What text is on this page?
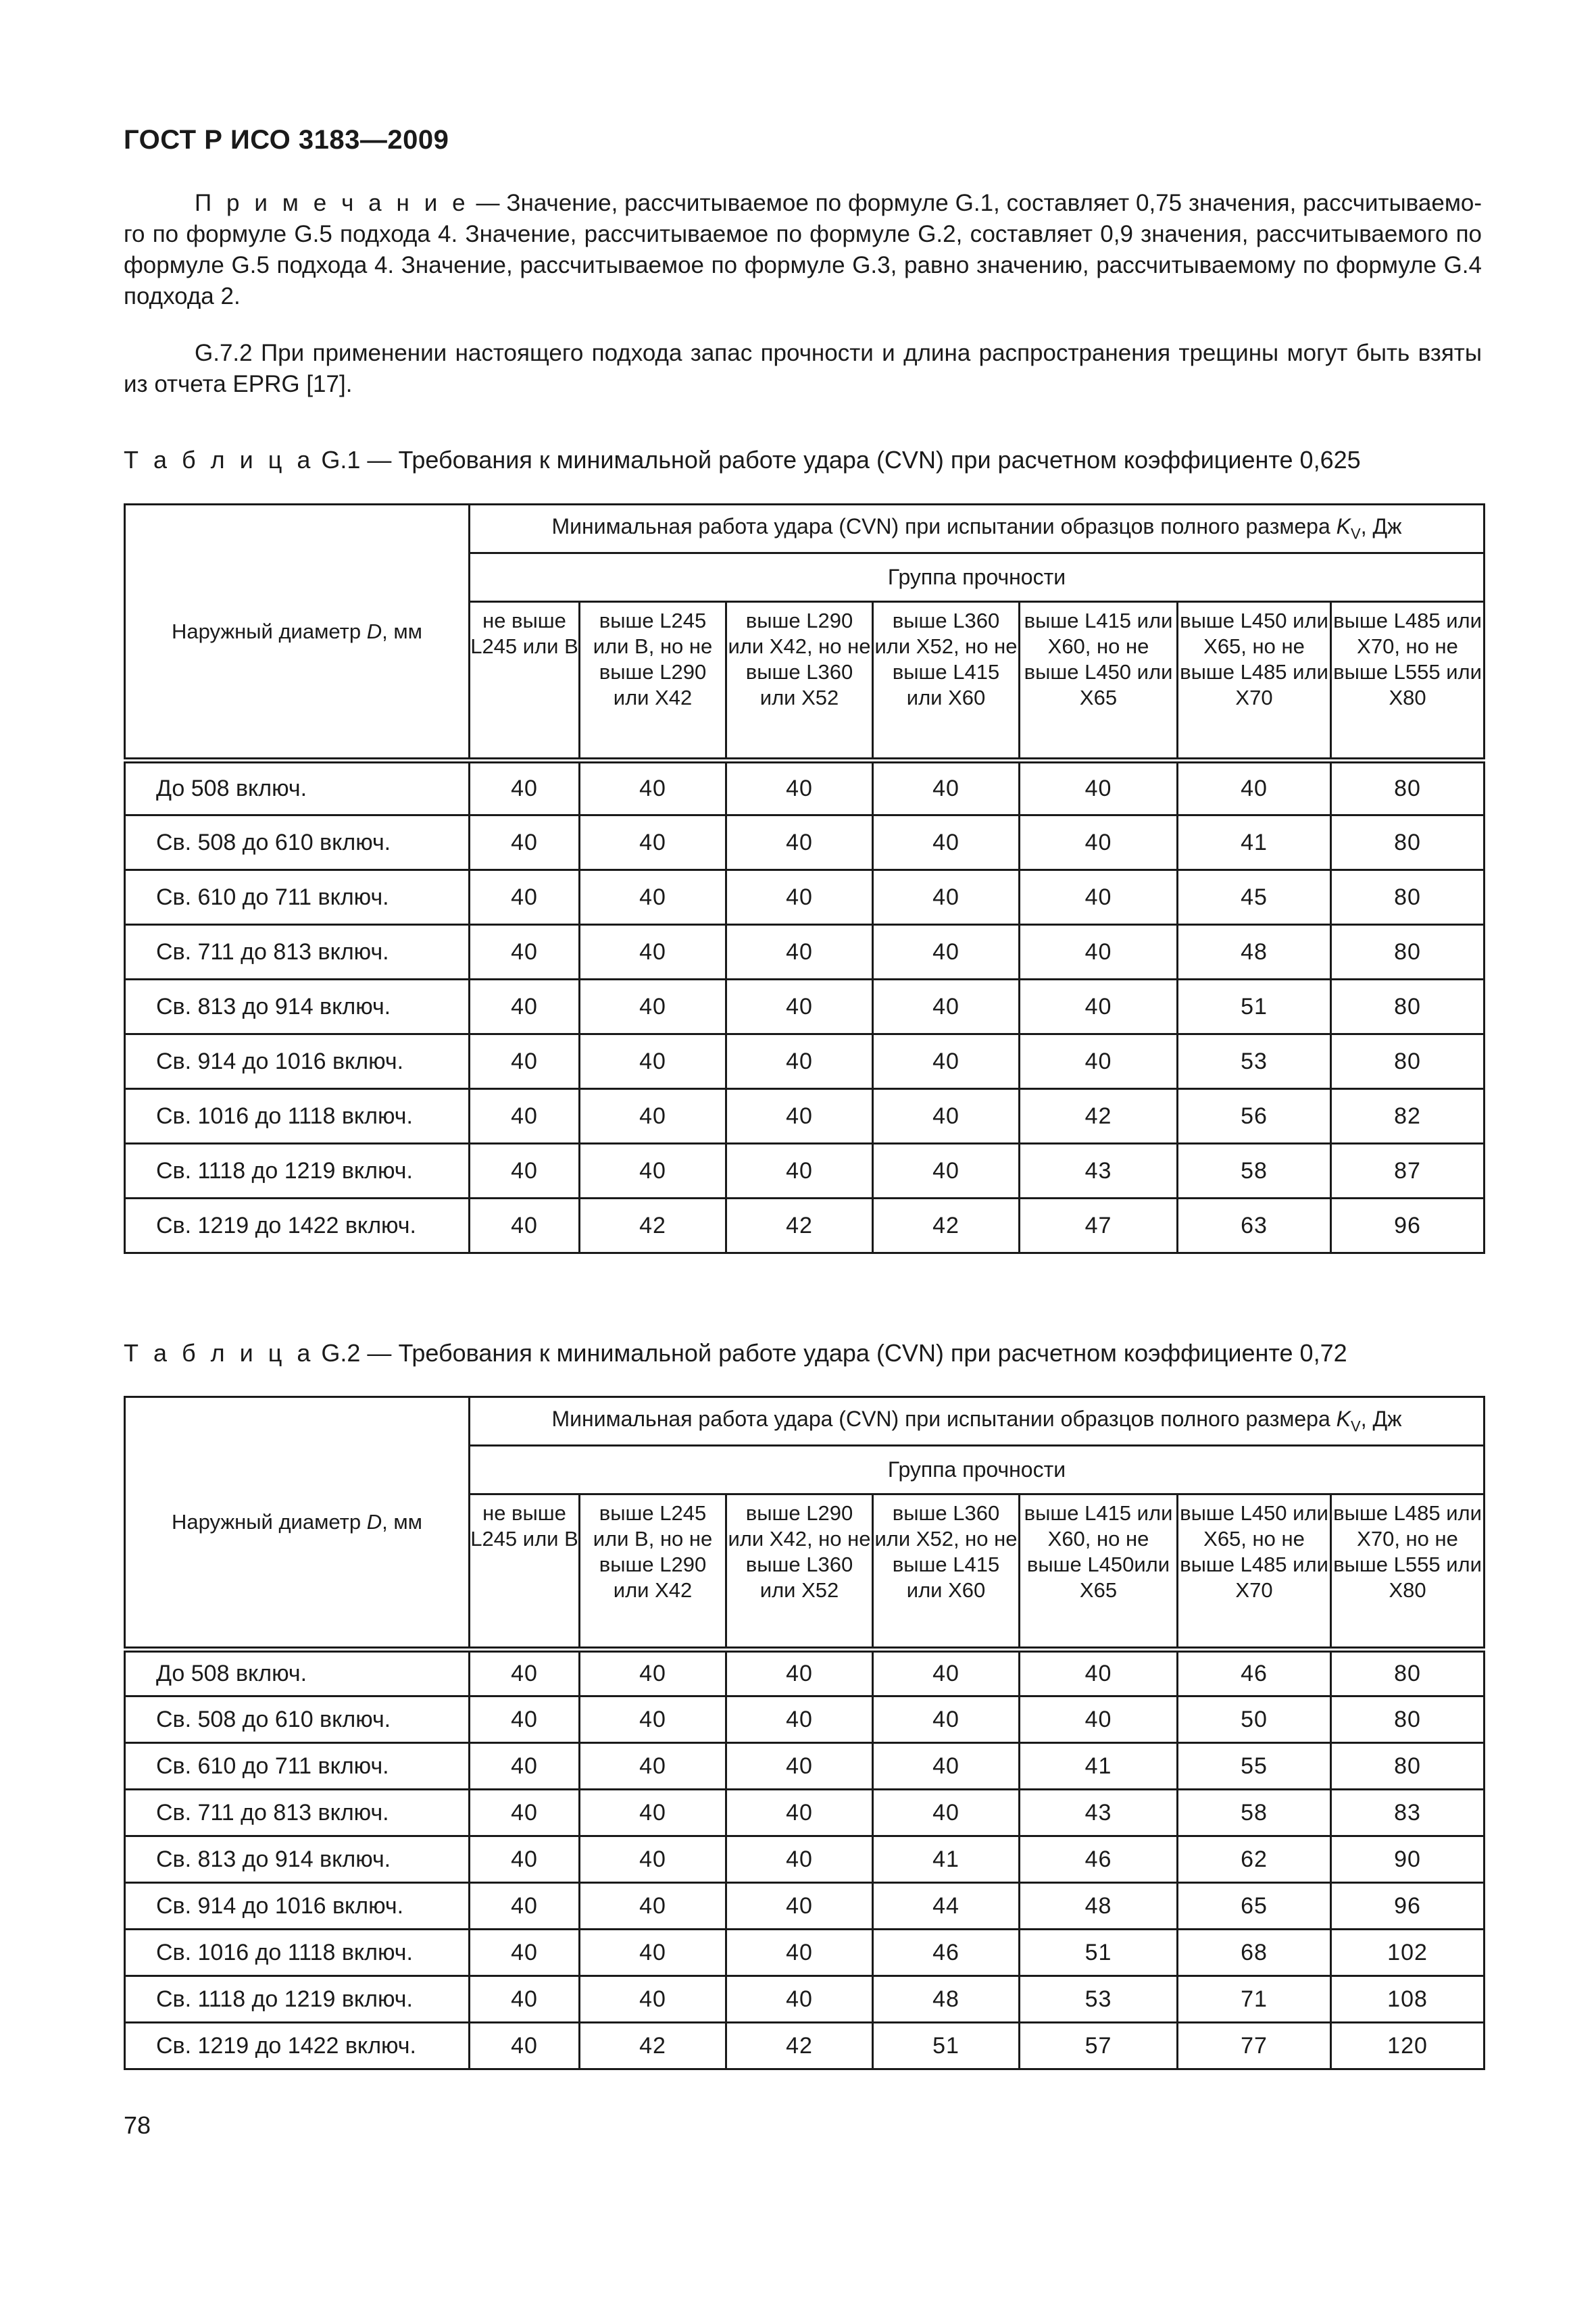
ГОСТ Р ИСО 3183—2009

П р и м е ч а н и е — Значение, рассчитываемое по формуле G.1, составляет 0,75 значения, рассчитываемо-го по формуле G.5 подхода 4. Значение, рассчитываемое по формуле G.2, составляет 0,9 значения, рассчитываемого по формуле G.5 подхода 4. Значение, рассчитываемое по формуле G.3, равно значению, рассчитываемому по формуле G.4 подхода 2.

G.7.2 При применении настоящего подхода запас прочности и длина распространения трещины могут быть взяты из отчета EPRG [17].

Т а б л и ц а G.1 — Требования к минимальной работе удара (CVN) при расчетном коэффициенте 0,625
Наружный диаметр D, мм	Минимальная работа удара (CVN) при испытании образцов полного размера $K_V$, Дж						
	Группа прочности						
	не выше L245 или B	выше L245 или B, но не выше L290 или X42	выше L290 или X42, но не выше L360 или X52	выше L360 или X52, но не выше L415 или X60	выше L415 или X60, но не выше L450 или X65	выше L450 или X65, но не выше L485 или X70	выше L485 или X70, но не выше L555 или X80
До 508 включ.	40	40	40	40	40	40	80
Св. 508 до 610 включ.	40	40	40	40	40	41	80
Св. 610 до 711 включ.	40	40	40	40	40	45	80
Св. 711 до 813 включ.	40	40	40	40	40	48	80
Св. 813 до 914 включ.	40	40	40	40	40	51	80
Св. 914 до 1016 включ.	40	40	40	40	40	53	80
Св. 1016 до 1118 включ.	40	40	40	40	42	56	82
Св. 1118 до 1219 включ.	40	40	40	40	43	58	87
Св. 1219 до 1422 включ.	40	42	42	42	47	63	96
Т а б л и ц а G.2 — Требования к минимальной работе удара (CVN) при расчетном коэффициенте 0,72
Наружный диаметр D, мм	Минимальная работа удара (CVN) при испытании образцов полного размера $K_V$, Дж						
	Группа прочности						
	не выше L245 или B	выше L245 или B, но не выше L290 или X42	выше L290 или X42, но не выше L360 или X52	выше L360 или X52, но не выше L415 или X60	выше L415 или X60, но не выше L450или X65	выше L450 или X65, но не выше L485 или X70	выше L485 или X70, но не выше L555 или X80
До 508 включ.	40	40	40	40	40	46	80
Св. 508 до 610 включ.	40	40	40	40	40	50	80
Св. 610 до 711 включ.	40	40	40	40	41	55	80
Св. 711 до 813 включ.	40	40	40	40	43	58	83
Св. 813 до 914 включ.	40	40	40	41	46	62	90
Св. 914 до 1016 включ.	40	40	40	44	48	65	96
Св. 1016 до 1118 включ.	40	40	40	46	51	68	102
Св. 1118 до 1219 включ.	40	40	40	48	53	71	108
Св. 1219 до 1422 включ.	40	42	42	51	57	77	120
78
